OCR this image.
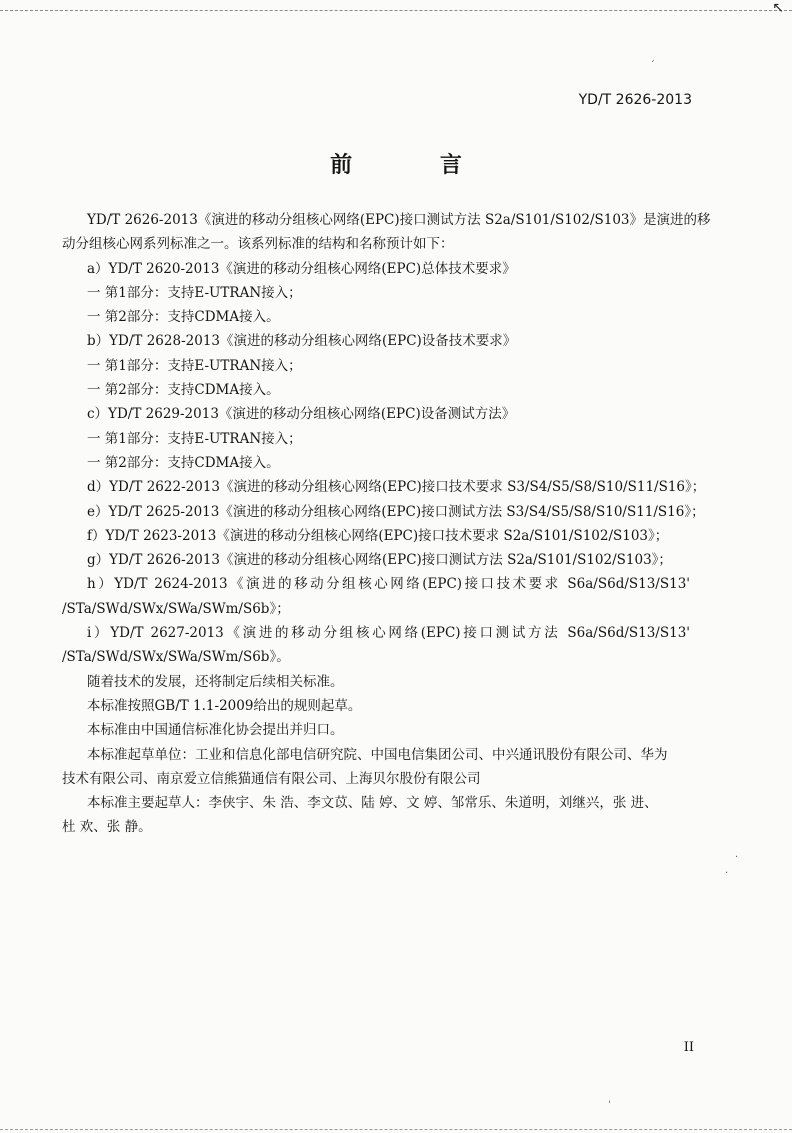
↖
YD/T 2626-2013
前 言

YD/T 2626-2013《演进的移动分组核心网络(EPC)接口测试方法 S2a/S101/S102/S103》是演进的移

动分组核心网系列标准之一。该系列标准的结构和名称预计如下：

a）YD/T 2620-2013《演进的移动分组核心网络(EPC)总体技术要求》

一 第1部分：支持E-UTRAN接入；

一 第2部分：支持CDMA接入。

b）YD/T 2628-2013《演进的移动分组核心网络(EPC)设备技术要求》

一 第1部分：支持E-UTRAN接入；

一 第2部分：支持CDMA接入。

c）YD/T 2629-2013《演进的移动分组核心网络(EPC)设备测试方法》

一 第1部分：支持E-UTRAN接入；

一 第2部分：支持CDMA接入。

d）YD/T 2622-2013《演进的移动分组核心网络(EPC)接口技术要求 S3/S4/S5/S8/S10/S11/S16》；

e）YD/T 2625-2013《演进的移动分组核心网络(EPC)接口测试方法 S3/S4/S5/S8/S10/S11/S16》；

f）YD/T 2623-2013《演进的移动分组核心网络(EPC)接口技术要求 S2a/S101/S102/S103》；

g）YD/T 2626-2013《演进的移动分组核心网络(EPC)接口测试方法 S2a/S101/S102/S103》；

h）YD/T 2624-2013《演进的移动分组核心网络(EPC)接口技术要求 S6a/S6d/S13/S13'

/STa/SWd/SWx/SWa/SWm/S6b》；

i）YD/T 2627-2013《演进的移动分组核心网络(EPC)接口测试方法 S6a/S6d/S13/S13'

/STa/SWd/SWx/SWa/SWm/S6b》。

随着技术的发展，还将制定后续相关标准。

本标准按照GB/T 1.1-2009给出的规则起草。

本标准由中国通信标准化协会提出并归口。

本标准起草单位：工业和信息化部电信研究院、中国电信集团公司、中兴通讯股份有限公司、华为

技术有限公司、南京爱立信熊猫通信有限公司、上海贝尔股份有限公司

本标准主要起草人：李侠宇、朱 浩、李文苡、陆 婷、文 婷、邹常乐、朱道明，刘继兴，张 进、

杜 欢、张 静。

II
ˊ
·
·
ˈ
